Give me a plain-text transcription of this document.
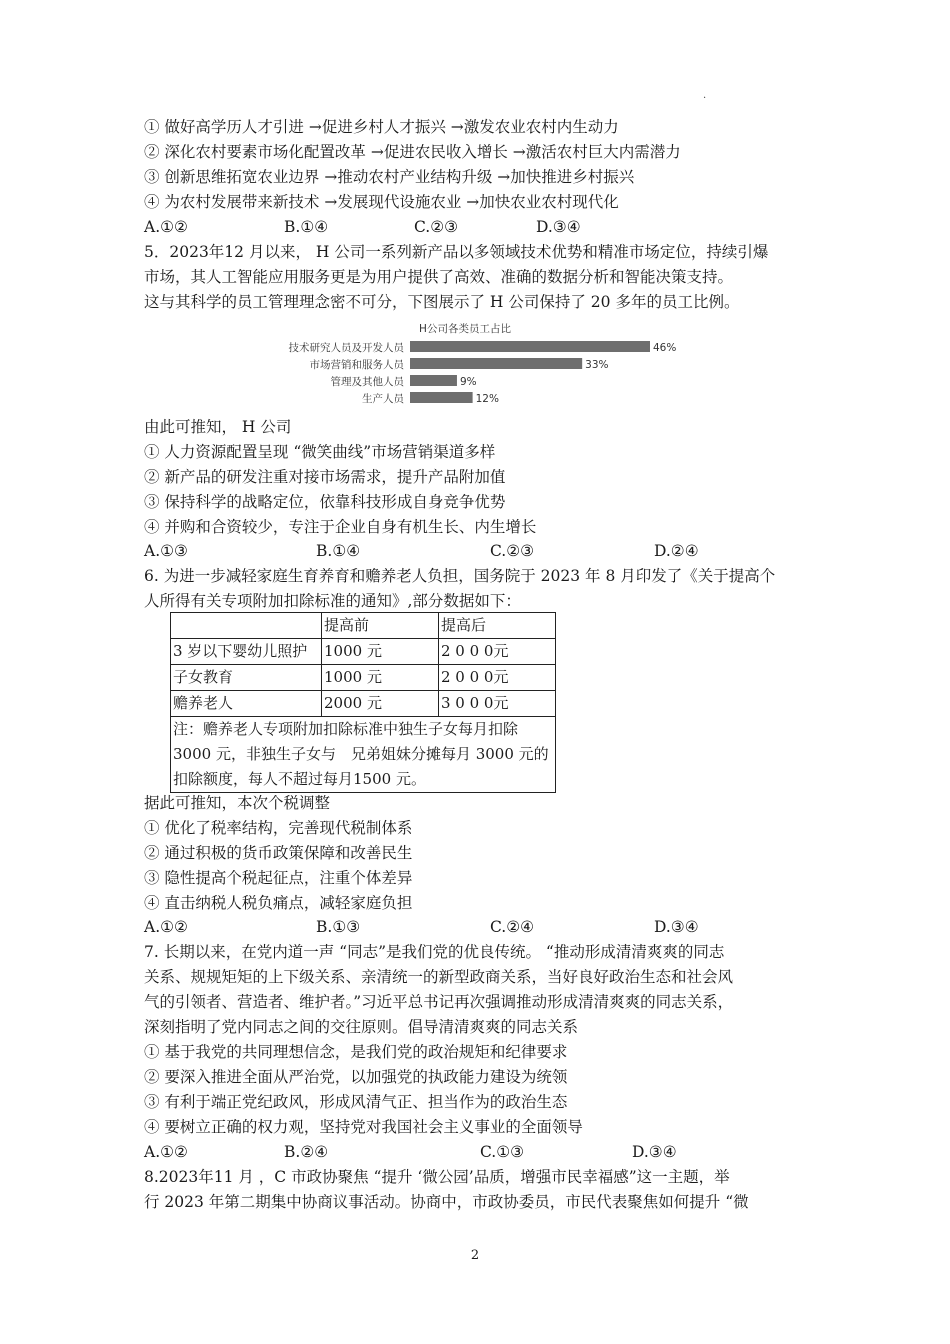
.
① 做好高学历人才引进 →促进乡村人才振兴 →激发农业农村内生动力
② 深化农村要素市场化配置改革 →促进农民收入增长 →激活农村巨大内需潜力
③ 创新思维拓宽农业边界 →推动农村产业结构升级 →加快推进乡村振兴
④ 为农村发展带来新技术 →发展现代设施农业 →加快农业农村现代化
A.①②	B.①④	C.②③	D.③④
5．2023年12 月以来， H 公司一系列新产品以多领域技术优势和精准市场定位，持续引爆
市场，其人工智能应用服务更是为用户提供了高效、准确的数据分析和智能决策支持。
这与其科学的员工管理理念密不可分，下图展示了 H 公司保持了 20 多年的员工比例。
H公司各类员工占比
技术研究人员及开发人员	46%
市场营销和服务人员	33%
管理及其他人员	9%
生产人员	12%
由此可推知， H 公司
① 人力资源配置呈现 “微笑曲线”市场营销渠道多样
② 新产品的研发注重对接市场需求，提升产品附加值
③ 保持科学的战略定位，依靠科技形成自身竞争优势
④ 并购和合资较少，专注于企业自身有机生长、内生增长
A.①③	B.①④	C.②③	D.②④
6. 为进一步减轻家庭生育养育和赡养老人负担，国务院于 2023 年 8 月印发了《关于提高个
人所得有关专项附加扣除标准的通知》,部分数据如下：
	提高前	提高后
3 岁以下婴幼儿照护	1000 元	2 0 0 0元
子女教育	1000 元	2 0 0 0元
赡养老人	2000 元	3 0 0 0元
注：赡养老人专项附加扣除标准中独生子女每月扣除3000 元，非独生子女与　兄弟姐妹分摊每月 3000 元的扣除额度，每人不超过每月1500 元。		
据此可推知，本次个税调整
① 优化了税率结构，完善现代税制体系
② 通过积极的货币政策保障和改善民生
③ 隐性提高个税起征点，注重个体差异
④ 直击纳税人税负痛点，减轻家庭负担
A.①②	B.①③	C.②④	D.③④
7. 长期以来，在党内道一声 “同志”是我们党的优良传统。 “推动形成清清爽爽的同志
关系、规规矩矩的上下级关系、亲清统一的新型政商关系，当好良好政治生态和社会风
气的引领者、营造者、维护者。”习近平总书记再次强调推动形成清清爽爽的同志关系，
深刻指明了党内同志之间的交往原则。倡导清清爽爽的同志关系
① 基于我党的共同理想信念，是我们党的政治规矩和纪律要求
② 要深入推进全面从严治党，以加强党的执政能力建设为统领
③ 有利于端正党纪政风，形成风清气正、担当作为的政治生态
④ 要树立正确的权力观，坚持党对我国社会主义事业的全面领导
A.①②	B.②④	C.①③	D.③④
8.2023年11 月 ，C 市政协聚焦 “提升 ‘微公园’品质，增强市民幸福感”这一主题，举
行 2023 年第二期集中协商议事活动。协商中，市政协委员，市民代表聚焦如何提升 “微
2
